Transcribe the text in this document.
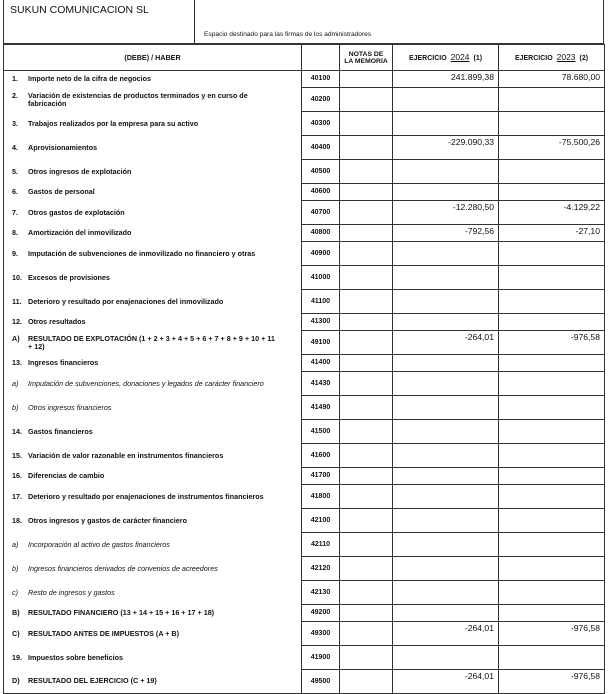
SUKUN COMUNICACION SL
Espacio destinado para las firmas de los administradores
(DEBE) / HABER		NOTAS DE
LA MEMORIA	EJERCICIO 2024 (1)	EJERCICIO 2023 (2)
1. Importe neto de la cifra de negocios	40100		241.899,38	78.680,00
2. Variación de existencias de productos terminados y en curso de fabricación	40200			
3. Trabajos realizados por la empresa para su activo	40300			
4. Aprovisionamientos	40400		-229.090,33	-75.500,26
5. Otros ingresos de explotación	40500			
6. Gastos de personal	40600			
7. Otros gastos de explotación	40700		-12.280,50	-4.129,22
8. Amortización del inmovilizado	40800		-792,56	-27,10
9. Imputación de subvenciones de inmovilizado no financiero y otras	40900			
10. Excesos de provisiones	41000			
11. Deterioro y resultado por enajenaciones del inmovilizado	41100			
12. Otros resultados	41300			
A) RESULTADO DE EXPLOTACIÓN (1 + 2 + 3 + 4 + 5 + 6 + 7 + 8 + 9 + 10 + 11 + 12)	49100		-264,01	-976,58
13. Ingresos financieros	41400			
a) Imputación de subvenciones, donaciones y legados de carácter financiero	41430			
b) Otros ingresos financieros	41490			
14. Gastos financieros	41500			
15. Variación de valor razonable en instrumentos financieros	41600			
16. Diferencias de cambio	41700			
17. Deterioro y resultado por enajenaciones de instrumentos financieros	41800			
18. Otros ingresos y gastos de carácter financiero	42100			
a) Incorporación al activo de gastos financieros	42110			
b) Ingresos financieros derivados de convenios de acreedores	42120			
c) Resto de ingresos y gastos	42130			
B) RESULTADO FINANCIERO (13 + 14 + 15 + 16 + 17 + 18)	49200			
C) RESULTADO ANTES DE IMPUESTOS (A + B)	49300		-264,01	-976,58
19. Impuestos sobre beneficios	41900			
D) RESULTADO DEL EJERCICIO (C + 19)	49500		-264,01	-976,58
